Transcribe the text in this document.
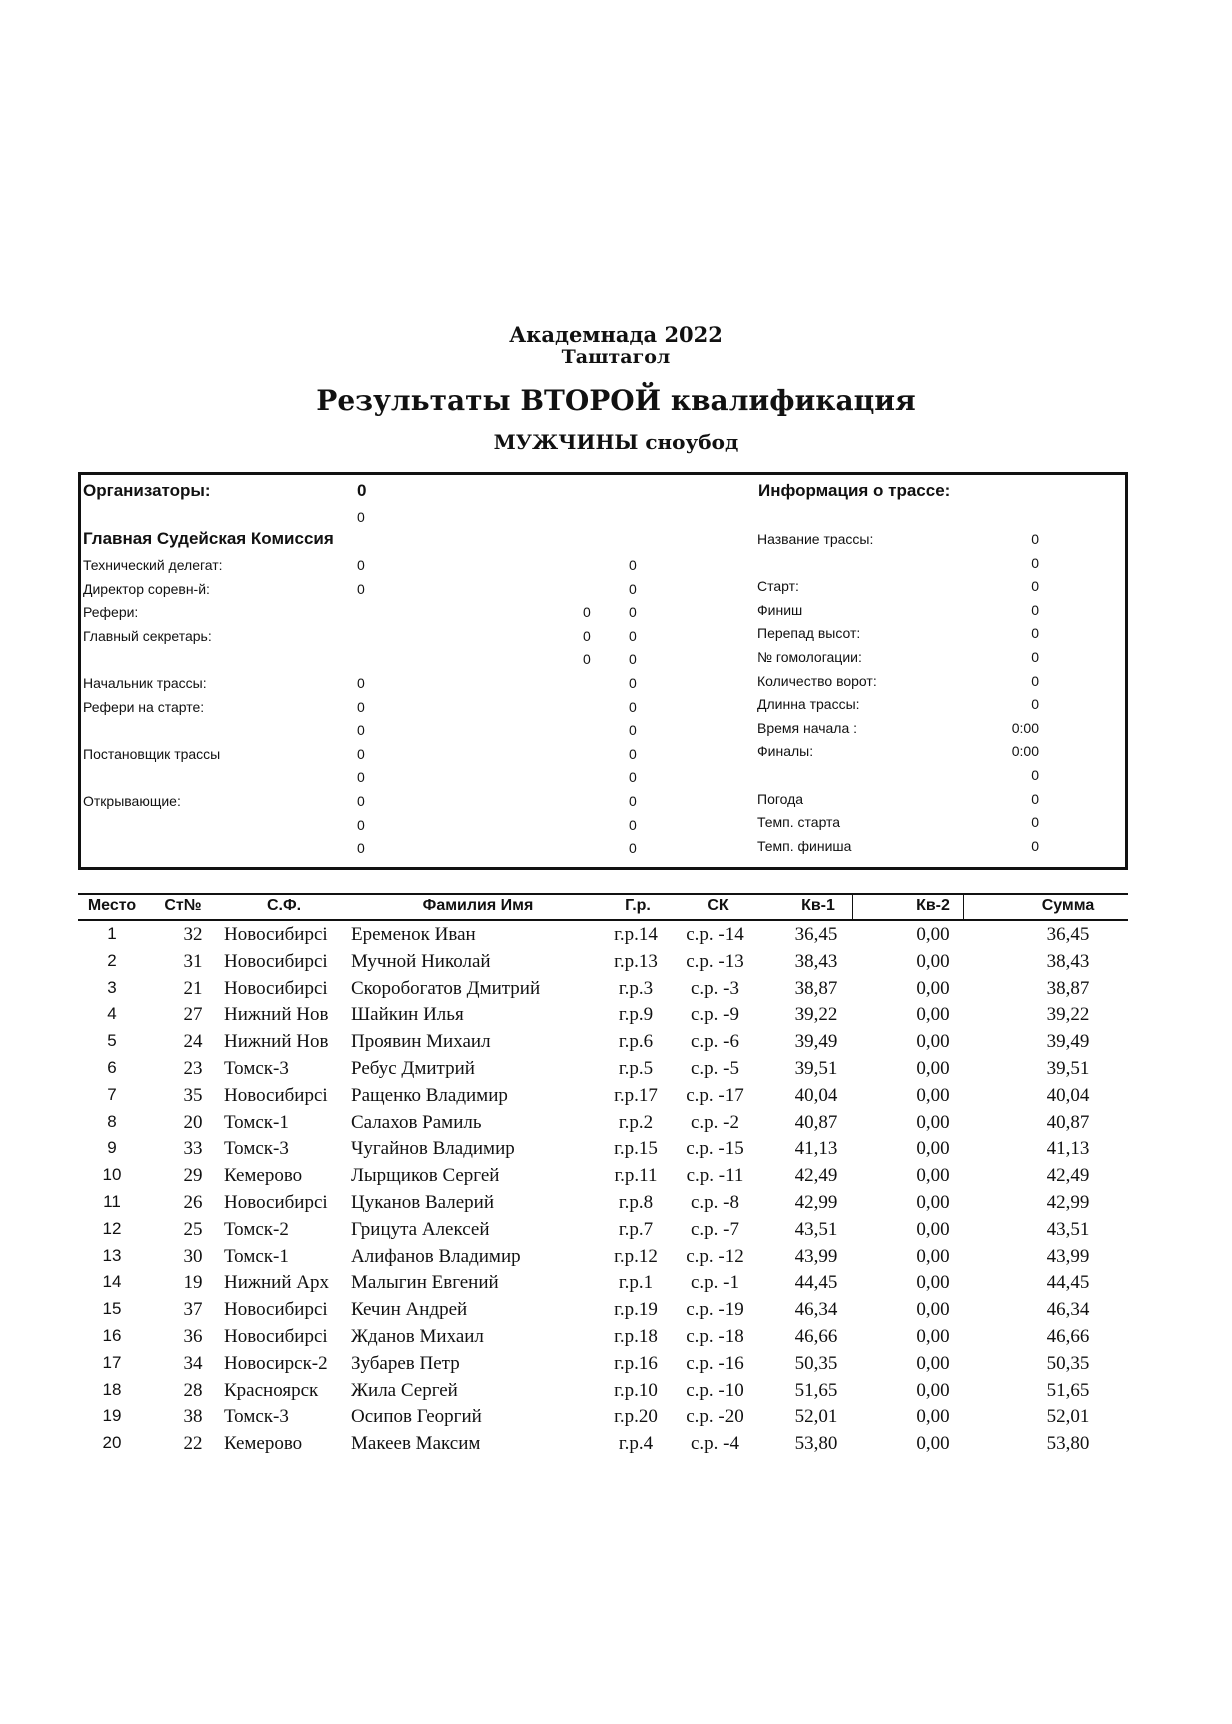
Академнада 2022
Таштагол
Результаты ВТОРОЙ квалификация
МУЖЧИНЫ сноубод
Организаторы:	0
0
Главная Судейская Комиссия
Технический делегат:	0	0
Директор соревн-й:	0	0
Рефери:	0	0
Главный секретарь:	0	0
0	0
Начальник трассы:	0	0
Рефери на старте:	0	0
0	0
Постановщик трассы	0	0
0	0
Открывающие:	0	0
0	0
0	0
Информация о трассе:
Название трассы:	0
0
Старт:	0
Финиш	0
Перепад высот:	0
№ гомологации:	0
Количество ворот:	0
Длинна трассы:	0
Время начала :	0:00
Финалы:	0:00
0
Погода	0
Темп. старта	0
Темп. финиша	0
Место	Ст№	С.Ф.	Фамилия Имя	Г.р.	СК	Кв-1	Кв-2	Сумма
1	32	Новосибирсі	Еременок Иван	г.р.14	с.р. -14	36,45	0,00	36,45
2	31	Новосибирсі	Мучной Николай	г.р.13	с.р. -13	38,43	0,00	38,43
3	21	Новосибирсі	Скоробогатов Дмитрий	г.р.3	с.р. -3	38,87	0,00	38,87
4	27	Нижний Нов	Шайкин Илья	г.р.9	с.р. -9	39,22	0,00	39,22
5	24	Нижний Нов	Проявин Михаил	г.р.6	с.р. -6	39,49	0,00	39,49
6	23	Томск-3	Ребус Дмитрий	г.р.5	с.р. -5	39,51	0,00	39,51
7	35	Новосибирсі	Ращенко Владимир	г.р.17	с.р. -17	40,04	0,00	40,04
8	20	Томск-1	Салахов Рамиль	г.р.2	с.р. -2	40,87	0,00	40,87
9	33	Томск-3	Чугайнов Владимир	г.р.15	с.р. -15	41,13	0,00	41,13
10	29	Кемерово	Лырщиков Сергей	г.р.11	с.р. -11	42,49	0,00	42,49
11	26	Новосибирсі	Цуканов Валерий	г.р.8	с.р. -8	42,99	0,00	42,99
12	25	Томск-2	Грицута Алексей	г.р.7	с.р. -7	43,51	0,00	43,51
13	30	Томск-1	Алифанов Владимир	г.р.12	с.р. -12	43,99	0,00	43,99
14	19	Нижний Арх	Малыгин Евгений	г.р.1	с.р. -1	44,45	0,00	44,45
15	37	Новосибирсі	Кечин Андрей	г.р.19	с.р. -19	46,34	0,00	46,34
16	36	Новосибирсі	Жданов Михаил	г.р.18	с.р. -18	46,66	0,00	46,66
17	34	Новосирск-2	Зубарев Петр	г.р.16	с.р. -16	50,35	0,00	50,35
18	28	Красноярск	Жила Сергей	г.р.10	с.р. -10	51,65	0,00	51,65
19	38	Томск-3	Осипов Георгий	г.р.20	с.р. -20	52,01	0,00	52,01
20	22	Кемерово	Макеев Максим	г.р.4	с.р. -4	53,80	0,00	53,80
